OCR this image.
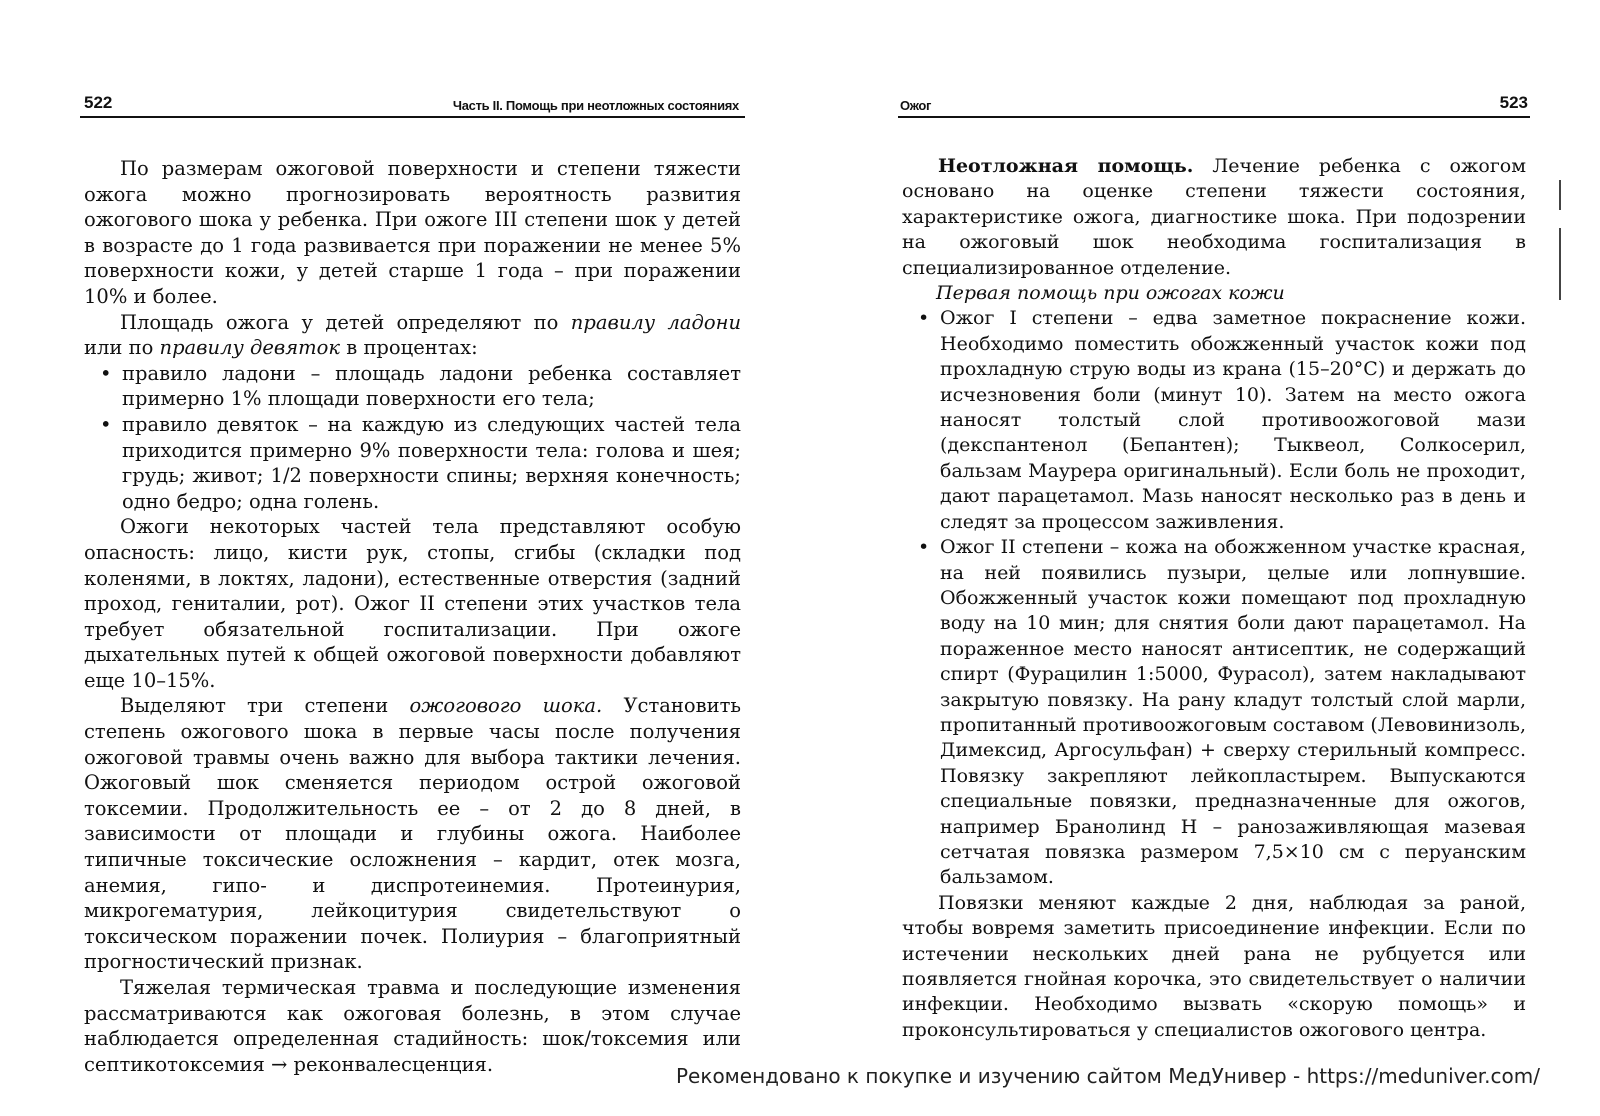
522	Часть II. Помощь при неотложных состояниях

По размерам ожоговой поверхности и степени тяжести ожога можно прогнозировать вероятность развития ожогового шока у ребенка. При ожоге III степени шок у детей в возрасте до 1 года развивается при поражении не менее 5% поверхности кожи, у детей старше 1 года – при поражении 10% и более.

Площадь ожога у детей определяют по правилу ладони или по правилу девяток в процентах:

• правило ладони – площадь ладони ребенка составляет примерно 1% площади поверхности его тела;
• правило девяток – на каждую из следующих частей тела приходится примерно 9% поверхности тела: голова и шея; грудь; живот; 1/2 поверхности спины; верхняя конечность; одно бедро; одна голень.

Ожоги некоторых частей тела представляют особую опасность: лицо, кисти рук, стопы, сгибы (складки под коленями, в локтях, ладони), естественные отверстия (задний проход, гениталии, рот). Ожог II степени этих участков тела требует обязательной госпитализации. При ожоге дыхательных путей к общей ожоговой поверхности добавляют еще 10–15%.

Выделяют три степени ожогового шока. Установить степень ожогового шока в первые часы после получения ожоговой травмы очень важно для выбора тактики лечения. Ожоговый шок сменяется периодом острой ожоговой токсемии. Продолжительность ее – от 2 до 8 дней, в зависимости от площади и глубины ожога. Наиболее типичные токсические осложнения – кардит, отек мозга, анемия, гипо- и диспротеинемия. Протеинурия, микрогематурия, лейкоцитурия свидетельствуют о токсическом поражении почек. Полиурия – благоприятный прогностический признак.

Тяжелая термическая травма и последующие изменения рассматриваются как ожоговая болезнь, в этом случае наблюдается определенная стадийность: шок/токсемия или септикотоксемия → реконвалесценция.

Ожог	523

Неотложная помощь. Лечение ребенка с ожогом основано на оценке степени тяжести состояния, характеристике ожога, диагностике шока. При подозрении на ожоговый шок необходима госпитализация в специализированное отделение.

Первая помощь при ожогах кожи
• Ожог I степени – едва заметное покраснение кожи. Необходимо поместить обожженный участок кожи под прохладную струю воды из крана (15–20°C) и держать до исчезновения боли (минут 10). Затем на место ожога наносят толстый слой противоожоговой мази (декспантенол (Бепантен); Тыквеол, Солкосерил, бальзам Маурера оригинальный). Если боль не проходит, дают парацетамол. Мазь наносят несколько раз в день и следят за процессом заживления.
• Ожог II степени – кожа на обожженном участке красная, на ней появились пузыри, целые или лопнувшие. Обожженный участок кожи помещают под прохладную воду на 10 мин; для снятия боли дают парацетамол. На пораженное место наносят антисептик, не содержащий спирт (Фурацилин 1:5000, Фурасол), затем накладывают закрытую повязку. На рану кладут толстый слой марли, пропитанный противоожоговым составом (Левовинизоль, Димексид, Аргосульфан) + сверху стерильный компресс. Повязку закрепляют лейкопластырем. Выпускаются специальные повязки, предназначенные для ожогов, например Бранолинд Н – ранозаживляющая мазевая сетчатая повязка размером 7,5×10 см с перуанским бальзамом.

Повязки меняют каждые 2 дня, наблюдая за раной, чтобы вовремя заметить присоединение инфекции. Если по истечении нескольких дней рана не рубцуется или появляется гнойная корочка, это свидетельствует о наличии инфекции. Необходимо вызвать «скорую помощь» и проконсультироваться у специалистов ожогового центра.

Рекомендовано к покупке и изучению сайтом МедУнивер - https://meduniver.com/
